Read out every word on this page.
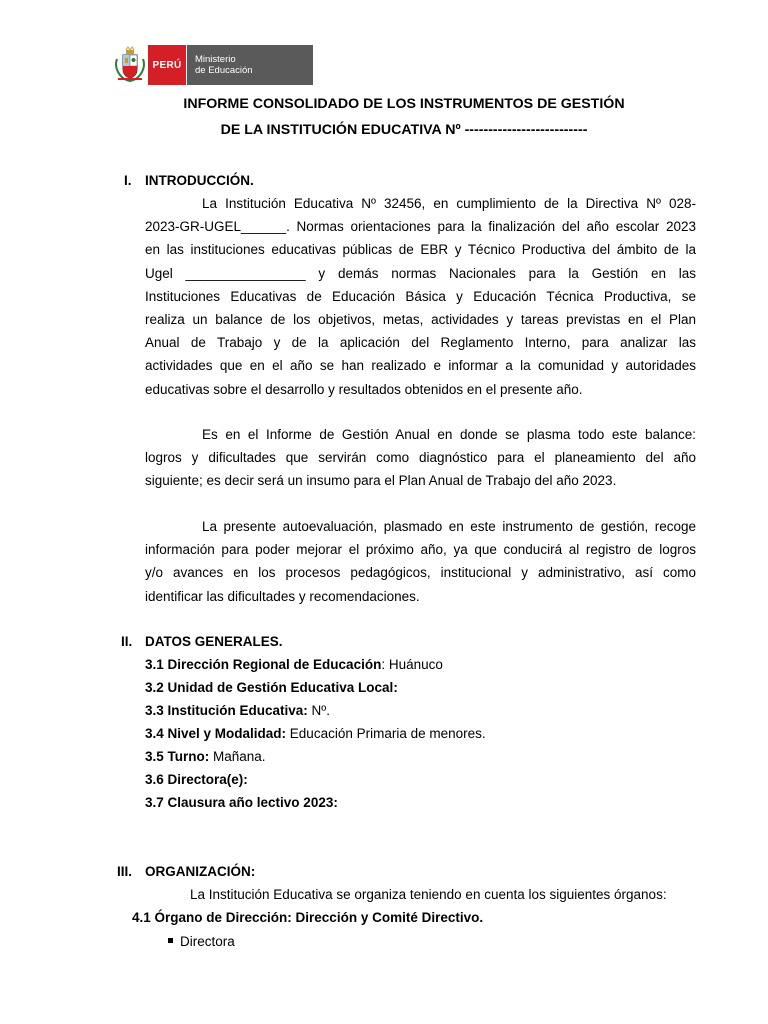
PERÚ	Ministerio
de Educación
INFORME CONSOLIDADO DE LOS INSTRUMENTOS DE GESTIÓN
DE LA INSTITUCIÓN EDUCATIVA Nº --------------------------
I. INTRODUCCIÓN.
La Institución Educativa Nº 32456, en cumplimiento de la Directiva Nº 028-
2023-GR-UGEL______. Normas orientaciones para la finalización del año escolar 2023
en las instituciones educativas públicas de EBR y Técnico Productiva del ámbito de la
Ugel ________________ y demás normas Nacionales para la Gestión en las
Instituciones Educativas de Educación Básica y Educación Técnica Productiva, se
realiza un balance de los objetivos, metas, actividades y tareas previstas en el Plan
Anual de Trabajo y de la aplicación del Reglamento Interno, para analizar las
actividades que en el año se han realizado e informar a la comunidad y autoridades
educativas sobre el desarrollo y resultados obtenidos en el presente año.
Es en el Informe de Gestión Anual en donde se plasma todo este balance:
logros y dificultades que servirán como diagnóstico para el planeamiento del año
siguiente; es decir será un insumo para el Plan Anual de Trabajo del año 2023.
La presente autoevaluación, plasmado en este instrumento de gestión, recoge
información para poder mejorar el próximo año, ya que conducirá al registro de logros
y/o avances en los procesos pedagógicos, institucional y administrativo, así como
identificar las dificultades y recomendaciones.
II. DATOS GENERALES.
3.1 Dirección Regional de Educación: Huánuco
3.2 Unidad de Gestión Educativa Local:
3.3 Institución Educativa: Nº.
3.4 Nivel y Modalidad: Educación Primaria de menores.
3.5 Turno: Mañana.
3.6 Directora(e):
3.7 Clausura año lectivo 2023:
III. ORGANIZACIÓN:
La Institución Educativa se organiza teniendo en cuenta los siguientes órganos:
4.1 Órgano de Dirección: Dirección y Comité Directivo.
Directora
